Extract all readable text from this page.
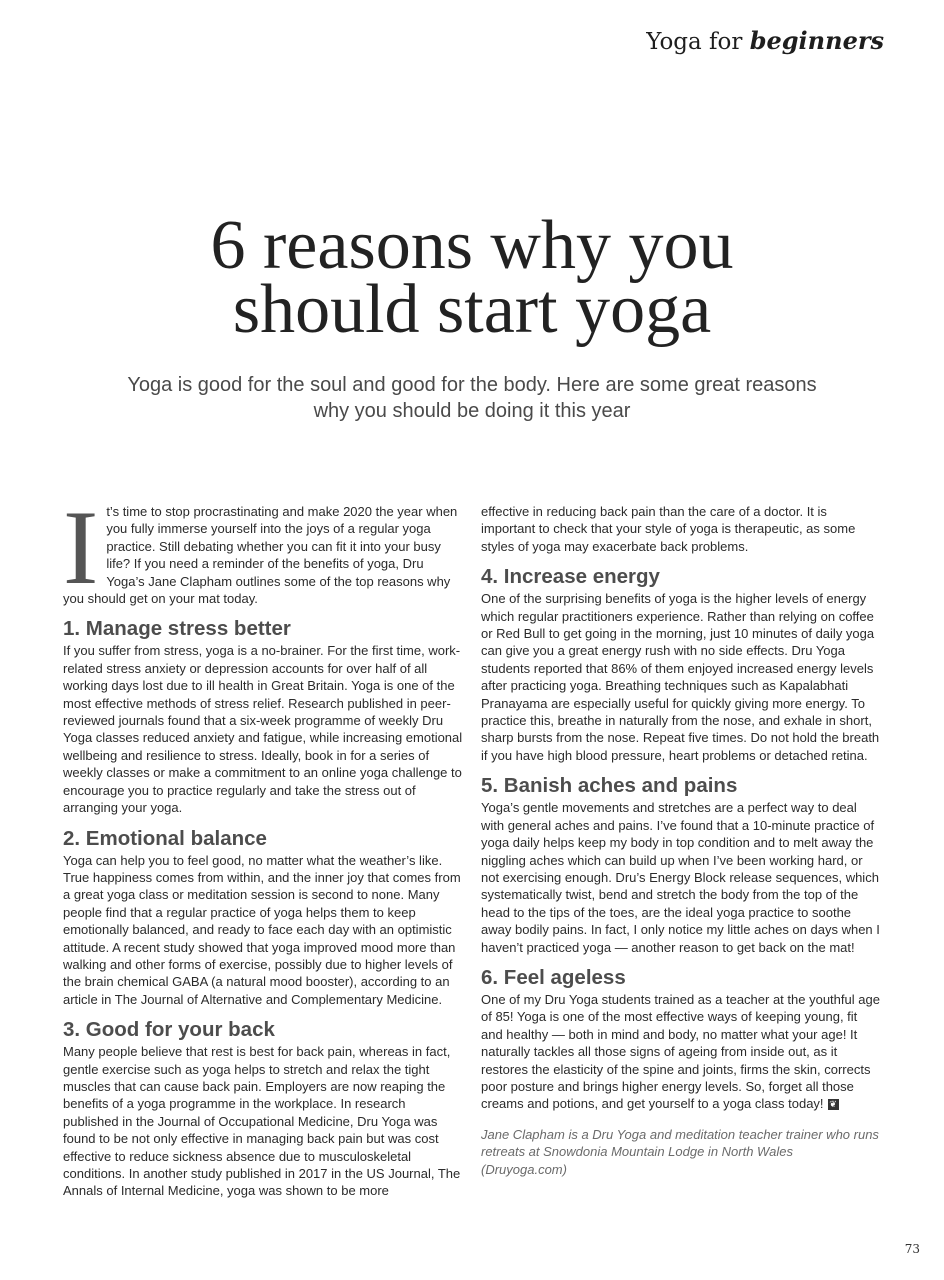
Yoga for beginners
6 reasons why you
should start yoga
Yoga is good for the soul and good for the body. Here are some great reasons why you should be doing it this year

I t’s time to stop procrastinating and make 2020 the year when you fully immerse yourself into the joys of a regular yoga practice. Still debating whether you can fit it into your busy life? If you need a reminder of the benefits of yoga, Dru Yoga’s Jane Clapham outlines some of the top reasons why you should get on your mat today.

1. Manage stress better

If you suffer from stress, yoga is a no-brainer. For the first time, work-related stress anxiety or depression accounts for over half of all working days lost due to ill health in Great Britain. Yoga is one of the most effective methods of stress relief. Research published in peer-reviewed journals found that a six-week programme of weekly Dru Yoga classes reduced anxiety and fatigue, while increasing emotional wellbeing and resilience to stress. Ideally, book in for a series of weekly classes or make a commitment to an online yoga challenge to encourage you to practice regularly and take the stress out of arranging your yoga.

2. Emotional balance

Yoga can help you to feel good, no matter what the weather’s like. True happiness comes from within, and the inner joy that comes from a great yoga class or meditation session is second to none. Many people find that a regular practice of yoga helps them to keep emotionally balanced, and ready to face each day with an optimistic attitude. A recent study showed that yoga improved mood more than walking and other forms of exercise, possibly due to higher levels of the brain chemical GABA (a natural mood booster), according to an article in The Journal of Alternative and Complementary Medicine.

3. Good for your back

Many people believe that rest is best for back pain, whereas in fact, gentle exercise such as yoga helps to stretch and relax the tight muscles that can cause back pain. Employers are now reaping the benefits of a yoga programme in the workplace. In research published in the Journal of Occupational Medicine, Dru Yoga was found to be not only effective in managing back pain but was cost effective to reduce sickness absence due to musculoskeletal conditions. In another study published in 2017 in the US Journal, The Annals of Internal Medicine, yoga was shown to be more

effective in reducing back pain than the care of a doctor. It is important to check that your style of yoga is therapeutic, as some styles of yoga may exacerbate back problems.

4. Increase energy

One of the surprising benefits of yoga is the higher levels of energy which regular practitioners experience. Rather than relying on coffee or Red Bull to get going in the morning, just 10 minutes of daily yoga can give you a great energy rush with no side effects. Dru Yoga students reported that 86% of them enjoyed increased energy levels after practicing yoga. Breathing techniques such as Kapalabhati Pranayama are especially useful for quickly giving more energy. To practice this, breathe in naturally from the nose, and exhale in short, sharp bursts from the nose. Repeat five times. Do not hold the breath if you have high blood pressure, heart problems or detached retina.

5. Banish aches and pains

Yoga’s gentle movements and stretches are a perfect way to deal with general aches and pains. I’ve found that a 10-minute practice of yoga daily helps keep my body in top condition and to melt away the niggling aches which can build up when I’ve been working hard, or not exercising enough. Dru’s Energy Block release sequences, which systematically twist, bend and stretch the body from the top of the head to the tips of the toes, are the ideal yoga practice to soothe away bodily pains. In fact, I only notice my little aches on days when I haven’t practiced yoga — another reason to get back on the mat!

6. Feel ageless

One of my Dru Yoga students trained as a teacher at the youthful age of 85! Yoga is one of the most effective ways of keeping young, fit and healthy — both in mind and body, no matter what your age! It naturally tackles all those signs of ageing from inside out, as it restores the elasticity of the spine and joints, firms the skin, corrects poor posture and brings higher energy levels. So, forget all those creams and potions, and get yourself to a yoga class today! ❦

Jane Clapham is a Dru Yoga and meditation teacher trainer who runs retreats at Snowdonia Mountain Lodge in North Wales (Druyoga.com)

73
